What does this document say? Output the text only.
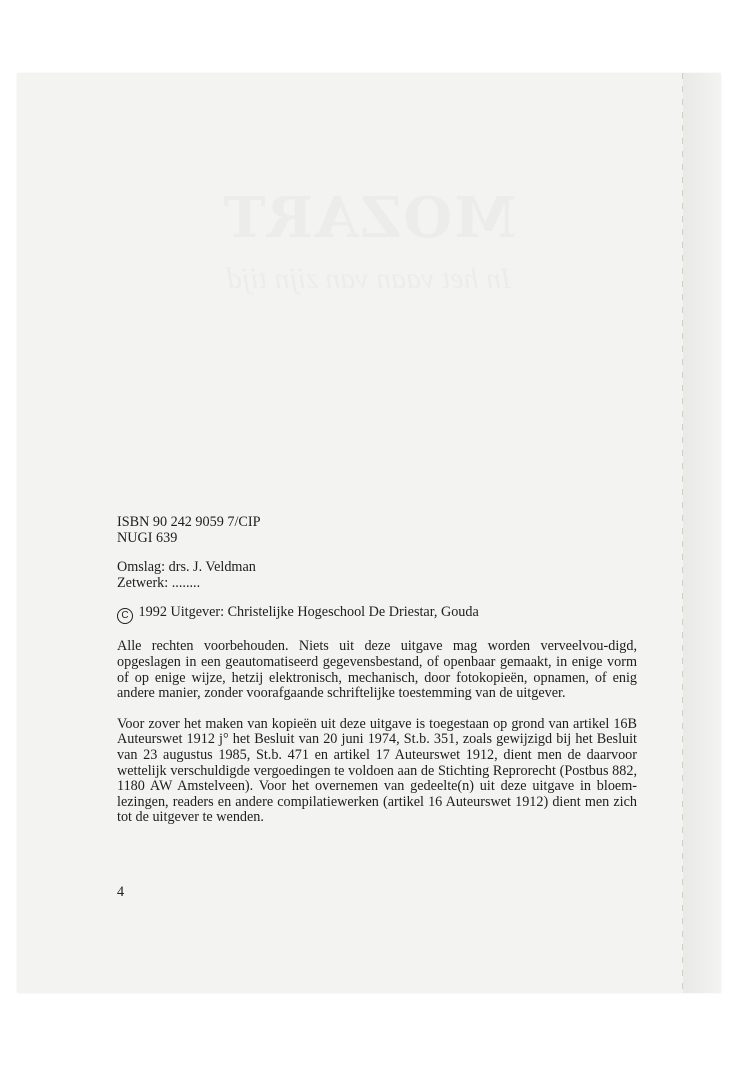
MOZART
In het vaan van zijn tijd

ISBN 90 242 9059 7/CIP

NUGI 639

Omslag: drs. J. Veldman

Zetwerk: ........

C 1992 Uitgever: Christelijke Hogeschool De Driestar, Gouda

Alle rechten voorbehouden. Niets uit deze uitgave mag worden verveelvou-digd, opgeslagen in een geautomatiseerd gegevensbestand, of openbaar gemaakt, in enige vorm of op enige wijze, hetzij elektronisch, mechanisch, door fotokopieën, opnamen, of enig andere manier, zonder voorafgaande schriftelijke toestemming van de uitgever.

Voor zover het maken van kopieën uit deze uitgave is toegestaan op grond van artikel 16B Auteurswet 1912 j° het Besluit van 20 juni 1974, St.b. 351, zoals gewijzigd bij het Besluit van 23 augustus 1985, St.b. 471 en artikel 17 Auteurswet 1912, dient men de daarvoor wettelijk verschuldigde vergoedingen te voldoen aan de Stichting Reprorecht (Postbus 882, 1180 AW Amstelveen). Voor het overnemen van gedeelte(n) uit deze uitgave in bloem-lezingen, readers en andere compilatiewerken (artikel 16 Auteurswet 1912) dient men zich tot de uitgever te wenden.

4
